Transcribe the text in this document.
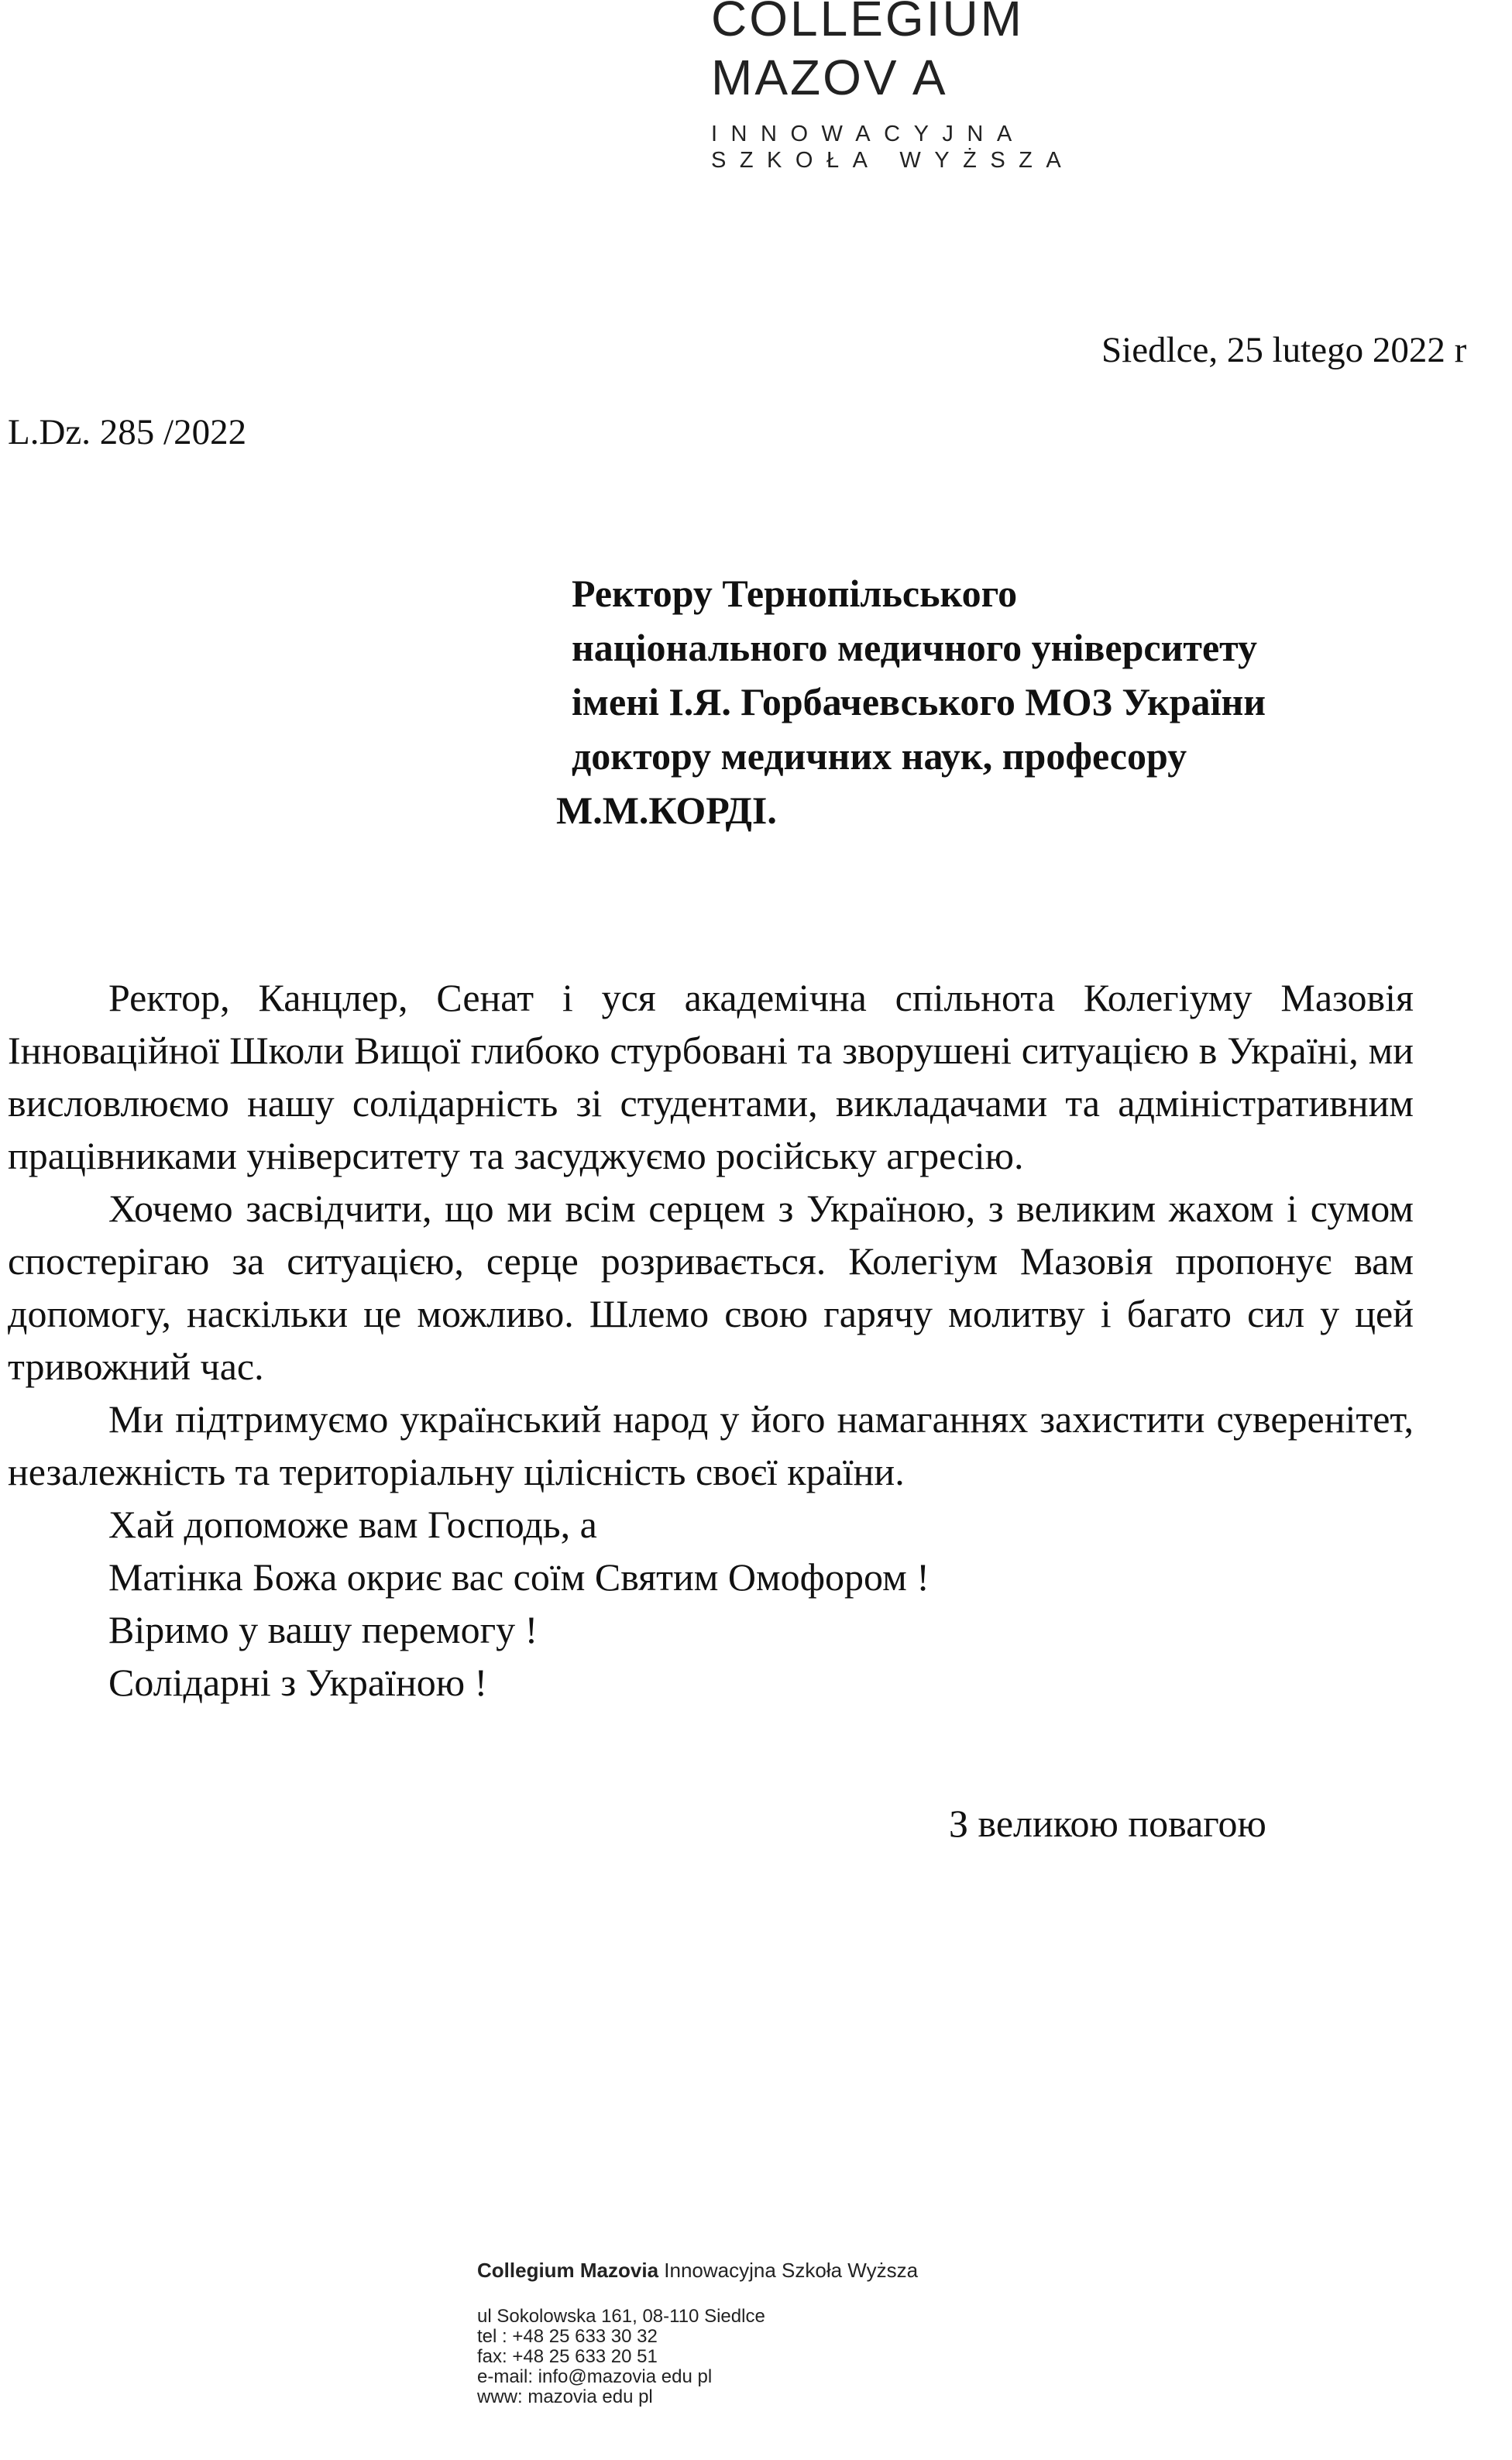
COLLEGIUM
MAZOV A
INNOWACYJNA
SZKOŁA WYŻSZA
Siedlce, 25 lutego 2022 r
L.Dz. 285 /2022
Ректору Тернопільського
національного медичного університету
імені І.Я. Горбачевського МОЗ України
доктору медичних наук, професору
М.М.КОРДІ.

Ректор, Канцлер, Сенат і уся академічна спільнота Колегіуму Мазовія Інноваційної Школи Вищої глибоко стурбовані та зворушені ситуацією в Україні, ми висловлюємо нашу солідарність зі студентами, викладачами та адміністративним працівниками університету та засуджуємо російську агресію.

Хочемо засвідчити, що ми всім серцем з Україною, з великим жахом і сумом спостерігаю за ситуацією, серце розривається. Колегіум Мазовія пропонує вам допомогу, наскільки це можливо. Шлемо свою гарячу молитву і багато сил у цей тривожний час.

Ми підтримуємо український народ у його намаганнях захистити суверенітет, незалежність та територіальну цілісність своєї країни.

Хай допоможе вам Господь, а

Матінка Божа окриє вас соїм Святим Омофором !

Віримо у вашу перемогу !

Солідарні з Україною !

З великою повагою
Collegium Mazovia Innowacyjna Szkoła Wyższa
ul Sokolowska 161, 08-110 Siedlce
tel : +48 25 633 30 32
fax: +48 25 633 20 51
e-mail: info@mazovia edu pl
www: mazovia edu pl
